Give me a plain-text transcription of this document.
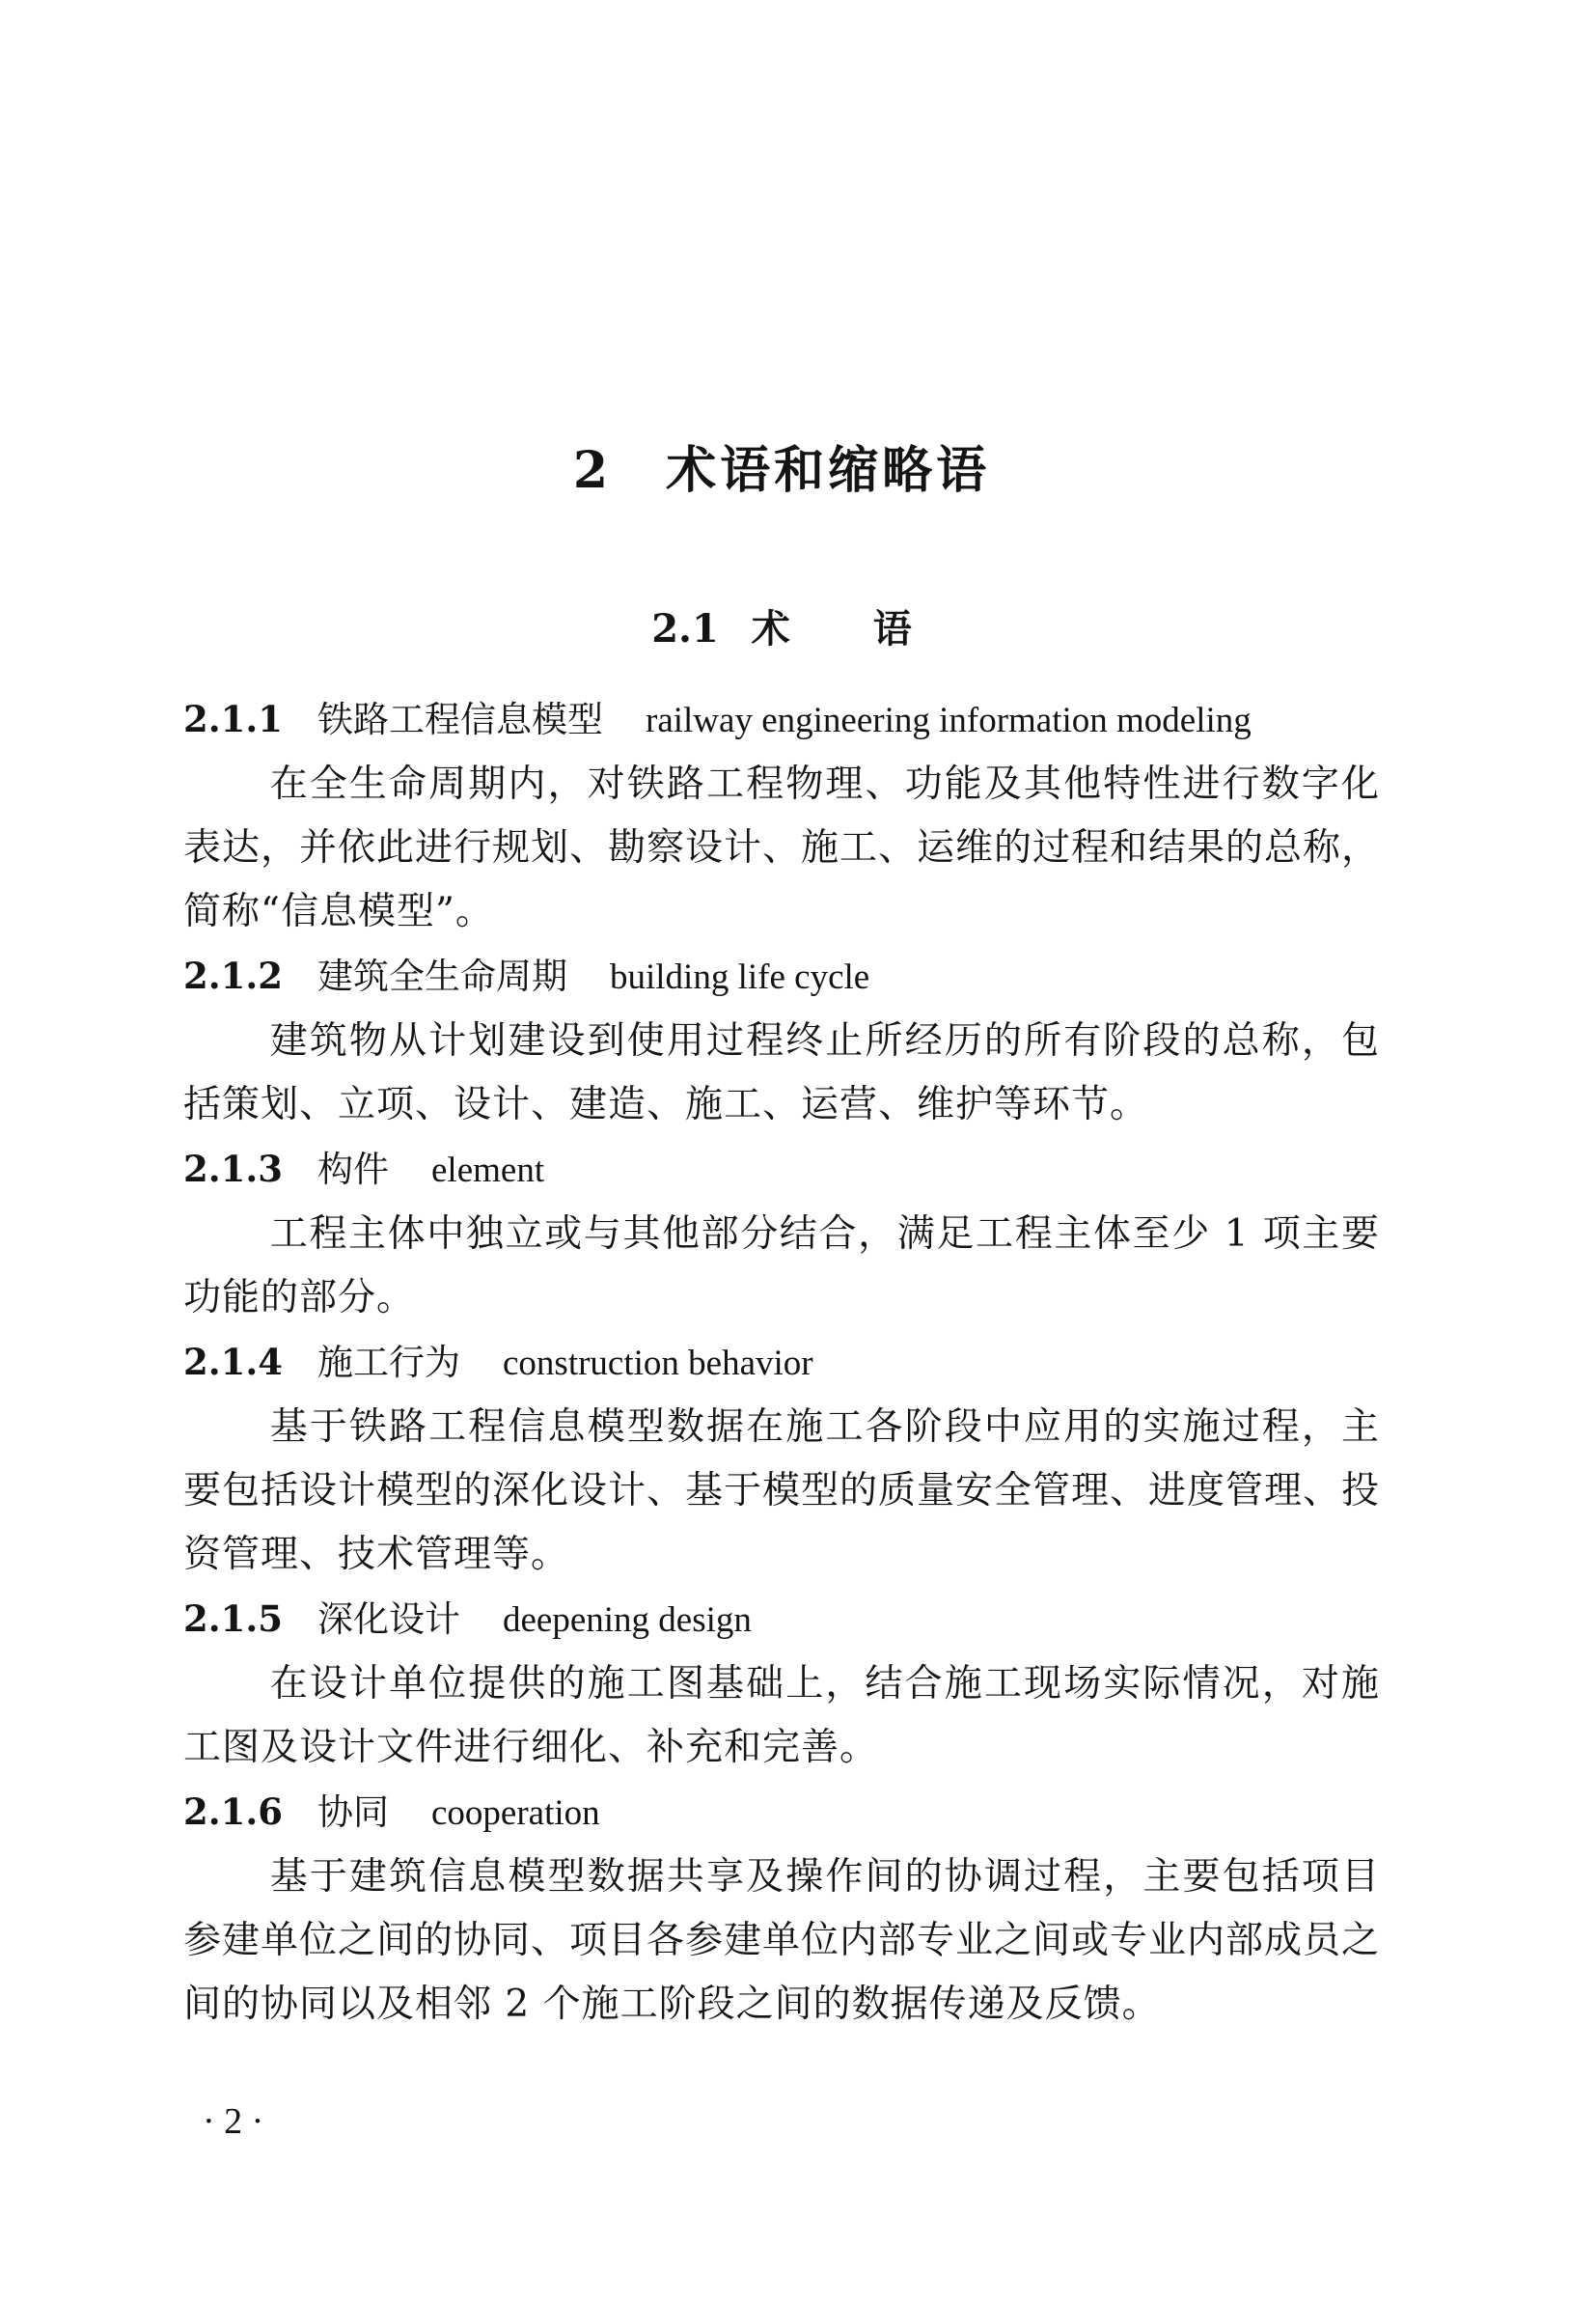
2 术语和缩略语
2.1 术 语

2.1.1 铁路工程信息模型 railway engineering information modeling

在全生命周期内，对铁路工程物理、功能及其他特性进行数字化表达，并依此进行规划、勘察设计、施工、运维的过程和结果的总称，简称“信息模型”。

2.1.2 建筑全生命周期 building life cycle

建筑物从计划建设到使用过程终止所经历的所有阶段的总称，包括策划、立项、设计、建造、施工、运营、维护等环节。

2.1.3 构件 element

工程主体中独立或与其他部分结合，满足工程主体至少 1 项主要功能的部分。

2.1.4 施工行为 construction behavior

基于铁路工程信息模型数据在施工各阶段中应用的实施过程，主要包括设计模型的深化设计、基于模型的质量安全管理、进度管理、投资管理、技术管理等。

2.1.5 深化设计 deepening design

在设计单位提供的施工图基础上，结合施工现场实际情况，对施工图及设计文件进行细化、补充和完善。

2.1.6 协同 cooperation

基于建筑信息模型数据共享及操作间的协调过程，主要包括项目参建单位之间的协同、项目各参建单位内部专业之间或专业内部成员之间的协同以及相邻 2 个施工阶段之间的数据传递及反馈。

· 2 ·
